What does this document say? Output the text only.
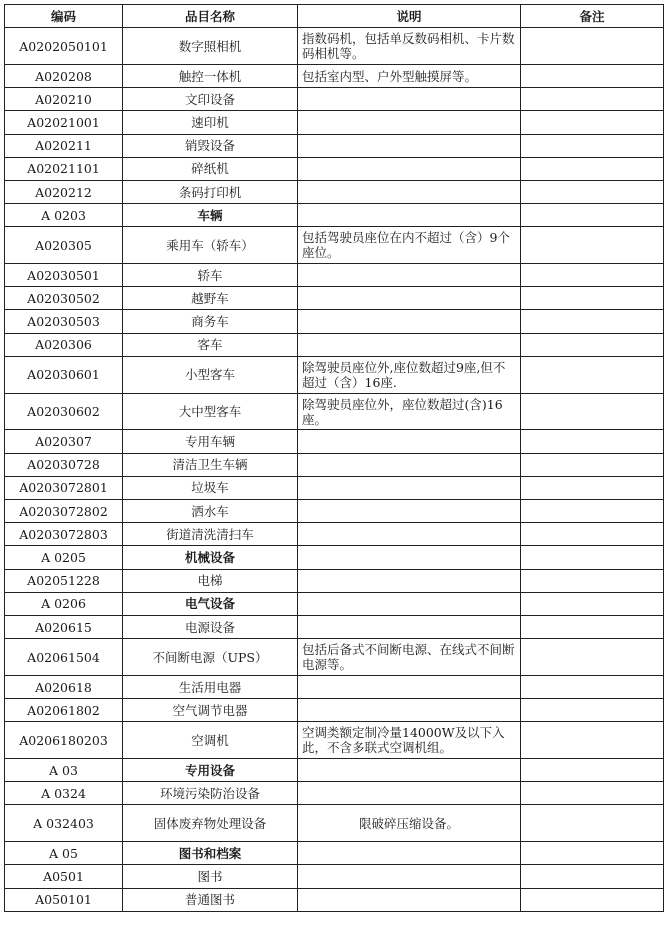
编码	品目名称	说明	备注
A0202050101	数字照相机	指数码机，包括单反数码相机、卡片数码相机等。	
A020208	触控一体机	包括室内型、户外型触摸屏等。	
A020210	文印设备		
A02021001	速印机		
A020211	销毁设备		
A02021101	碎纸机		
A020212	条码打印机		
A 0203	车辆		
A020305	乘用车（轿车）	包括驾驶员座位在内不超过（含）9个座位。	
A02030501	轿车		
A02030502	越野车		
A02030503	商务车		
A020306	客车		
A02030601	小型客车	除驾驶员座位外,座位数超过9座,但不超过（含）16座.	
A02030602	大中型客车	除驾驶员座位外，座位数超过(含)16座。	
A020307	专用车辆		
A02030728	清洁卫生车辆		
A0203072801	垃圾车		
A0203072802	洒水车		
A0203072803	街道清洗清扫车		
A 0205	机械设备		
A02051228	电梯		
A 0206	电气设备		
A020615	电源设备		
A02061504	不间断电源（UPS）	包括后备式不间断电源、在线式不间断电源等。	
A020618	生活用电器		
A02061802	空气调节电器		
A0206180203	空调机	空调类额定制冷量14000W及以下入此，不含多联式空调机组。	
A 03	专用设备		
A 0324	环境污染防治设备		
A 032403	固体废弃物处理设备	限破碎压缩设备。	
A 05	图书和档案		
A0501	图书		
A050101	普通图书		
